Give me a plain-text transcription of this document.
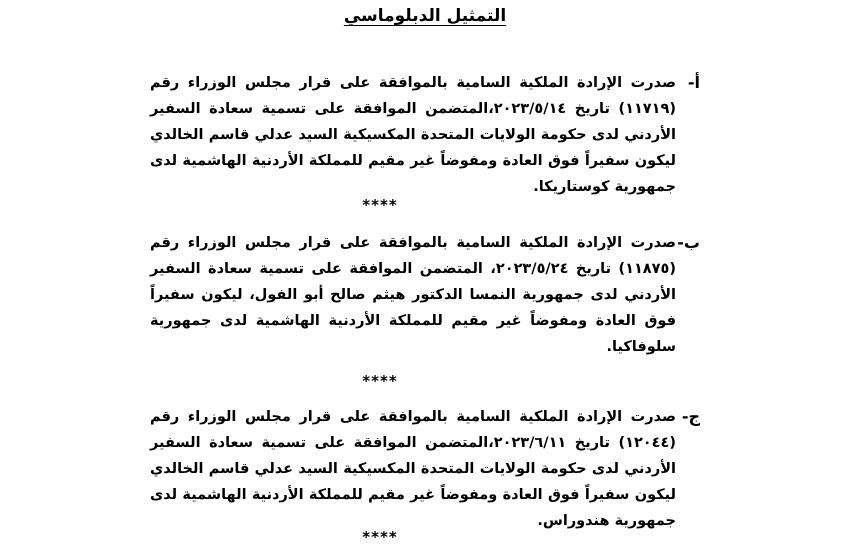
التمثيل الدبلوماسي
أ-
صدرت الإرادة الملكية السامية بالموافقة على قرار مجلس الوزراء رقم (١١٧١٩) تاريخ ٢٠٢٣/٥/١٤،المتضمن الموافقة على تسمية سعادة السفير الأردني لدى حكومة الولايات المتحدة المكسيكية السيد عدلي قاسم الخالدي ليكون سفيراً فوق العادة ومفوضاً غير مقيم للمملكة الأردنية الهاشمية لدى جمهورية كوستاريكا.
****
ب-
صدرت الإرادة الملكية السامية بالموافقة على قرار مجلس الوزراء رقم (١١٨٧٥) تاريخ ٢٠٢٣/٥/٢٤، المتضمن الموافقة على تسمية سعادة السفير الأردني لدى جمهورية النمسا الدكتور هيثم صالح أبو الفول، ليكون سفيراً فوق العادة ومفوضاً غير مقيم للمملكة الأردنية الهاشمية لدى جمهورية سلوفاكيا.
****
ج-
صدرت الإرادة الملكية السامية بالموافقة على قرار مجلس الوزراء رقم (١٢٠٤٤) تاريخ ٢٠٢٣/٦/١١،المتضمن الموافقة على تسمية سعادة السفير الأردني لدى حكومة الولايات المتحدة المكسيكية السيد عدلي قاسم الخالدي ليكون سفيراً فوق العادة ومفوضاً غير مقيم للمملكة الأردنية الهاشمية لدى جمهورية هندوراس.
****
